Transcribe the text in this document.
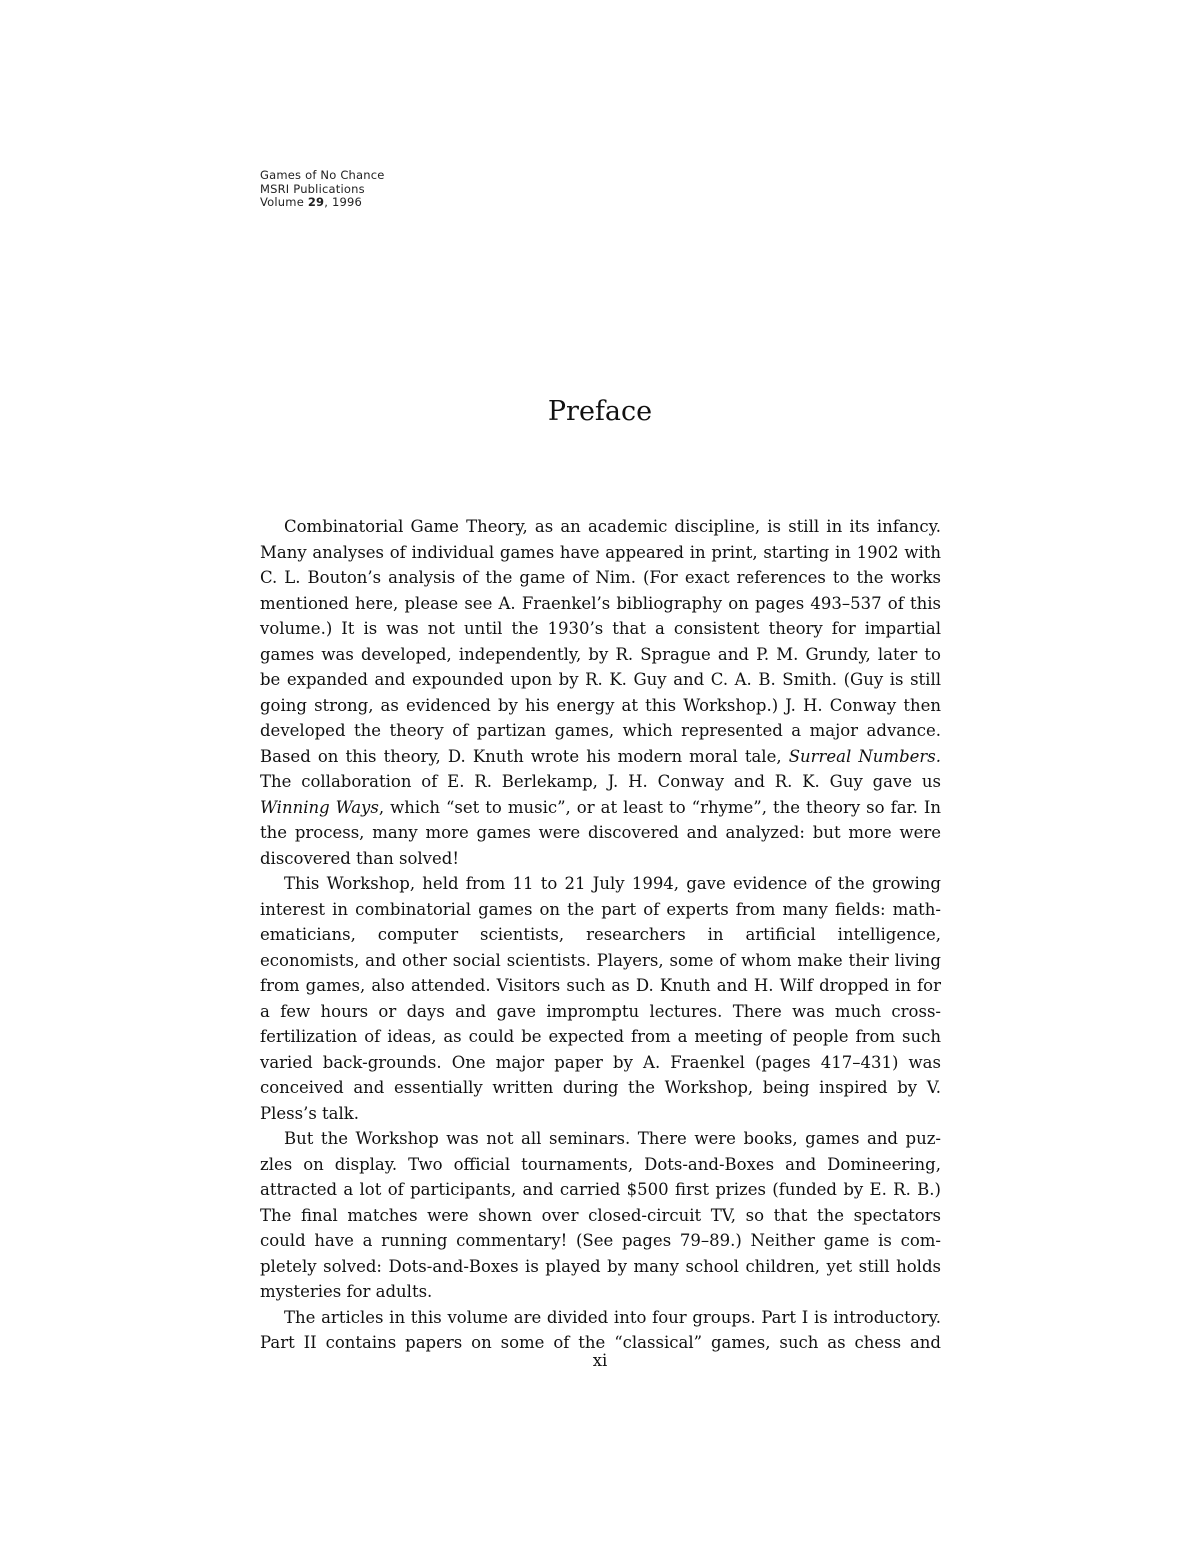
Games of No Chance
MSRI Publications
Volume 29, 1996
Preface

Combinatorial Game Theory, as an academic discipline, is still in its infancy. Many analyses of individual games have appeared in print, starting in 1902 with C. L. Bouton’s analysis of the game of Nim. (For exact references to the works mentioned here, please see A. Fraenkel’s bibliography on pages 493–537 of this volume.) It is was not until the 1930’s that a consistent theory for impartial games was developed, independently, by R. Sprague and P. M. Grundy, later to be expanded and expounded upon by R. K. Guy and C. A. B. Smith. (Guy is still going strong, as evidenced by his energy at this Workshop.) J. H. Conway then developed the theory of partizan games, which represented a major advance. Based on this theory, D. Knuth wrote his modern moral tale, Surreal Numbers. The collaboration of E. R. Berlekamp, J. H. Conway and R. K. Guy gave us Winning Ways, which “set to music”, or at least to “rhyme”, the theory so far. In the process, many more games were discovered and analyzed: but more were discovered than solved!

This Workshop, held from 11 to 21 July 1994, gave evidence of the growing interest in combinatorial games on the part of experts from many fields: math-ematicians, computer scientists, researchers in artificial intelligence, economists, and other social scientists. Players, some of whom make their living from games, also attended. Visitors such as D. Knuth and H. Wilf dropped in for a few hours or days and gave impromptu lectures. There was much cross-fertilization of ideas, as could be expected from a meeting of people from such varied back-grounds. One major paper by A. Fraenkel (pages 417–431) was conceived and essentially written during the Workshop, being inspired by V. Pless’s talk.

But the Workshop was not all seminars. There were books, games and puz-zles on display. Two official tournaments, Dots-and-Boxes and Domineering, attracted a lot of participants, and carried $500 first prizes (funded by E. R. B.) The final matches were shown over closed-circuit TV, so that the spectators could have a running commentary! (See pages 79–89.) Neither game is com-pletely solved: Dots-and-Boxes is played by many school children, yet still holds mysteries for adults.

The articles in this volume are divided into four groups. Part I is introductory. Part II contains papers on some of the “classical” games, such as chess and

xi
